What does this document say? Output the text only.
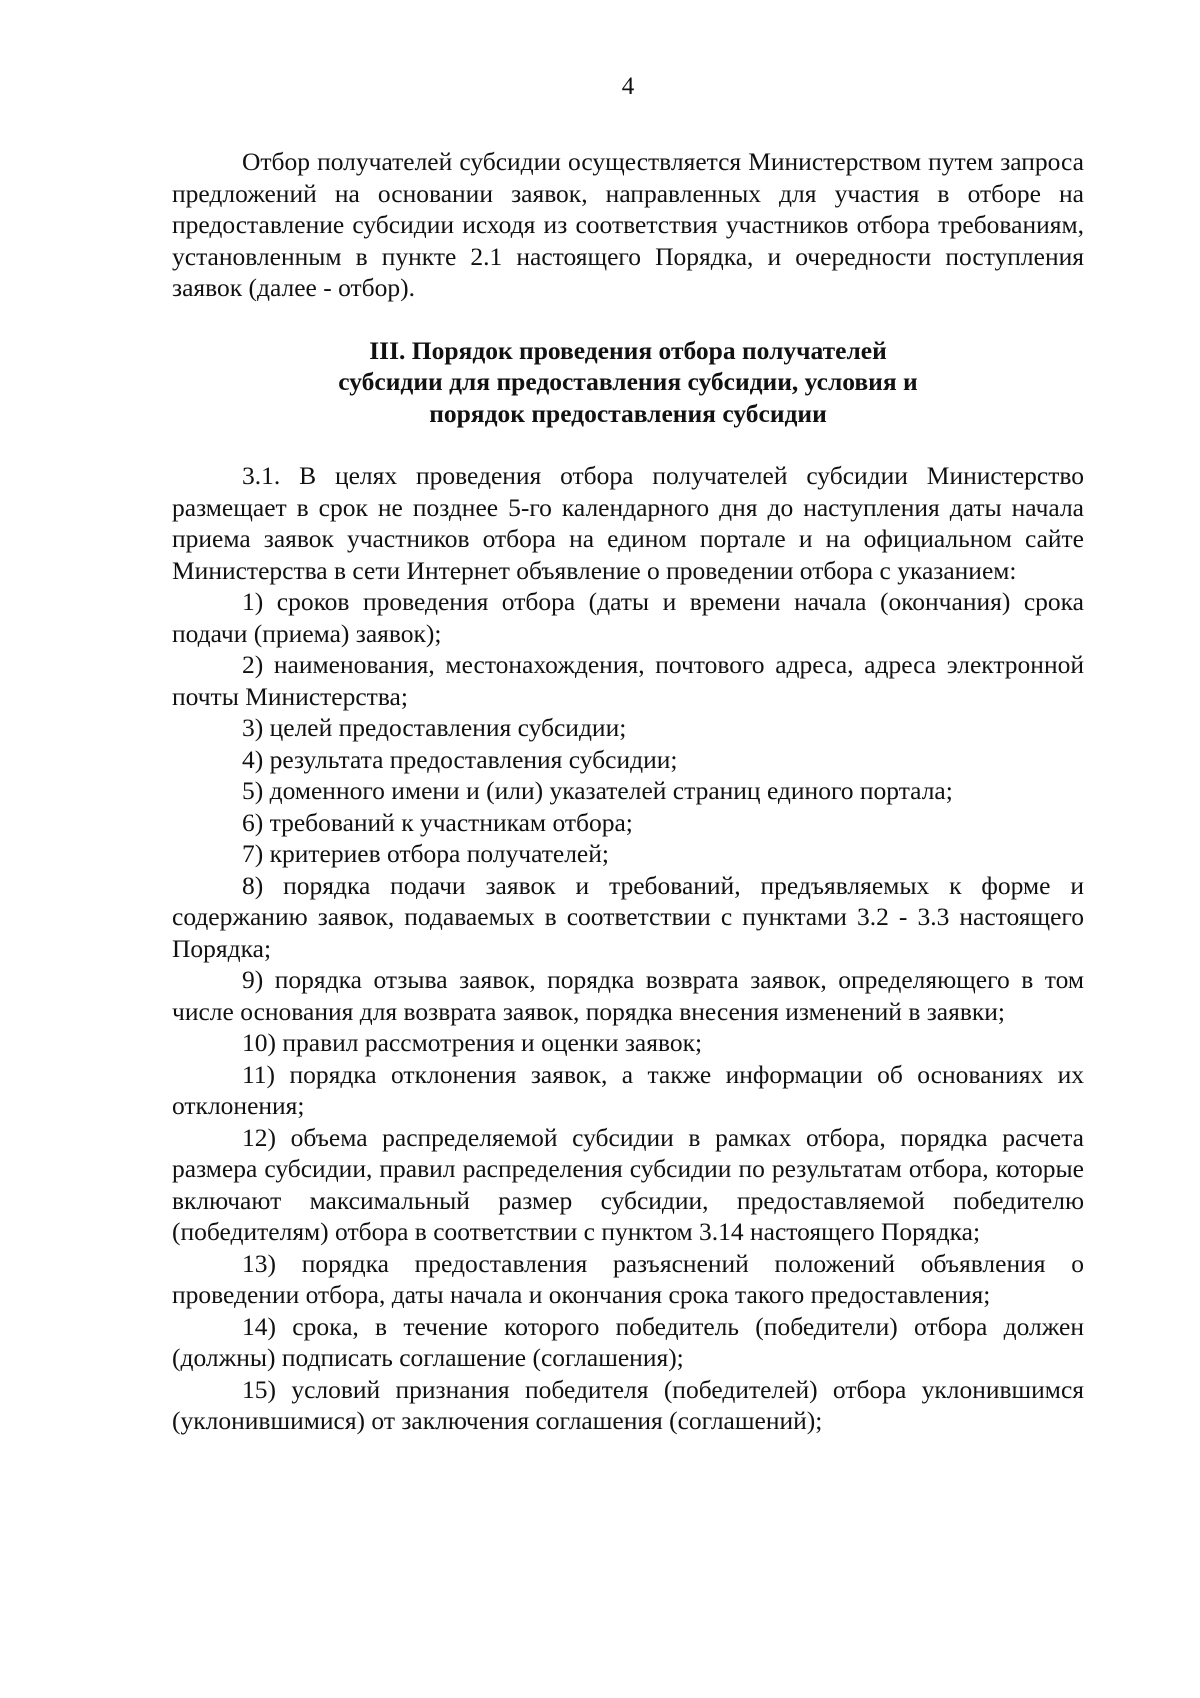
4

Отбор получателей субсидии осуществляется Министерством путем запроса предложений на основании заявок, направленных для участия в отборе на предоставление субсидии исходя из соответствия участников отбора требованиям, установленным в пункте 2.1 настоящего Порядка, и очередности поступления заявок (далее - отбор).

III. Порядок проведения отбора получателей
субсидии для предоставления субсидии, условия и
порядок предоставления субсидии

3.1. В целях проведения отбора получателей субсидии Министерство размещает в срок не позднее 5-го календарного дня до наступления даты начала приема заявок участников отбора на едином портале и на официальном сайте Министерства в сети Интернет объявление о проведении отбора с указанием:

1) сроков проведения отбора (даты и времени начала (окончания) срока подачи (приема) заявок);

2) наименования, местонахождения, почтового адреса, адреса электронной почты Министерства;

3) целей предоставления субсидии;

4) результата предоставления субсидии;

5) доменного имени и (или) указателей страниц единого портала;

6) требований к участникам отбора;

7) критериев отбора получателей;

8) порядка подачи заявок и требований, предъявляемых к форме и содержанию заявок, подаваемых в соответствии с пунктами 3.2 - 3.3 настоящего Порядка;

9) порядка отзыва заявок, порядка возврата заявок, определяющего в том числе основания для возврата заявок, порядка внесения изменений в заявки;

10) правил рассмотрения и оценки заявок;

11) порядка отклонения заявок, а также информации об основаниях их отклонения;

12) объема распределяемой субсидии в рамках отбора, порядка расчета размера субсидии, правил распределения субсидии по результатам отбора, которые включают максимальный размер субсидии, предоставляемой победителю (победителям) отбора в соответствии с пунктом 3.14 настоящего Порядка;

13) порядка предоставления разъяснений положений объявления о проведении отбора, даты начала и окончания срока такого предоставления;

14) срока, в течение которого победитель (победители) отбора должен (должны) подписать соглашение (соглашения);

15) условий признания победителя (победителей) отбора уклонившимся (уклонившимися) от заключения соглашения (соглашений);
